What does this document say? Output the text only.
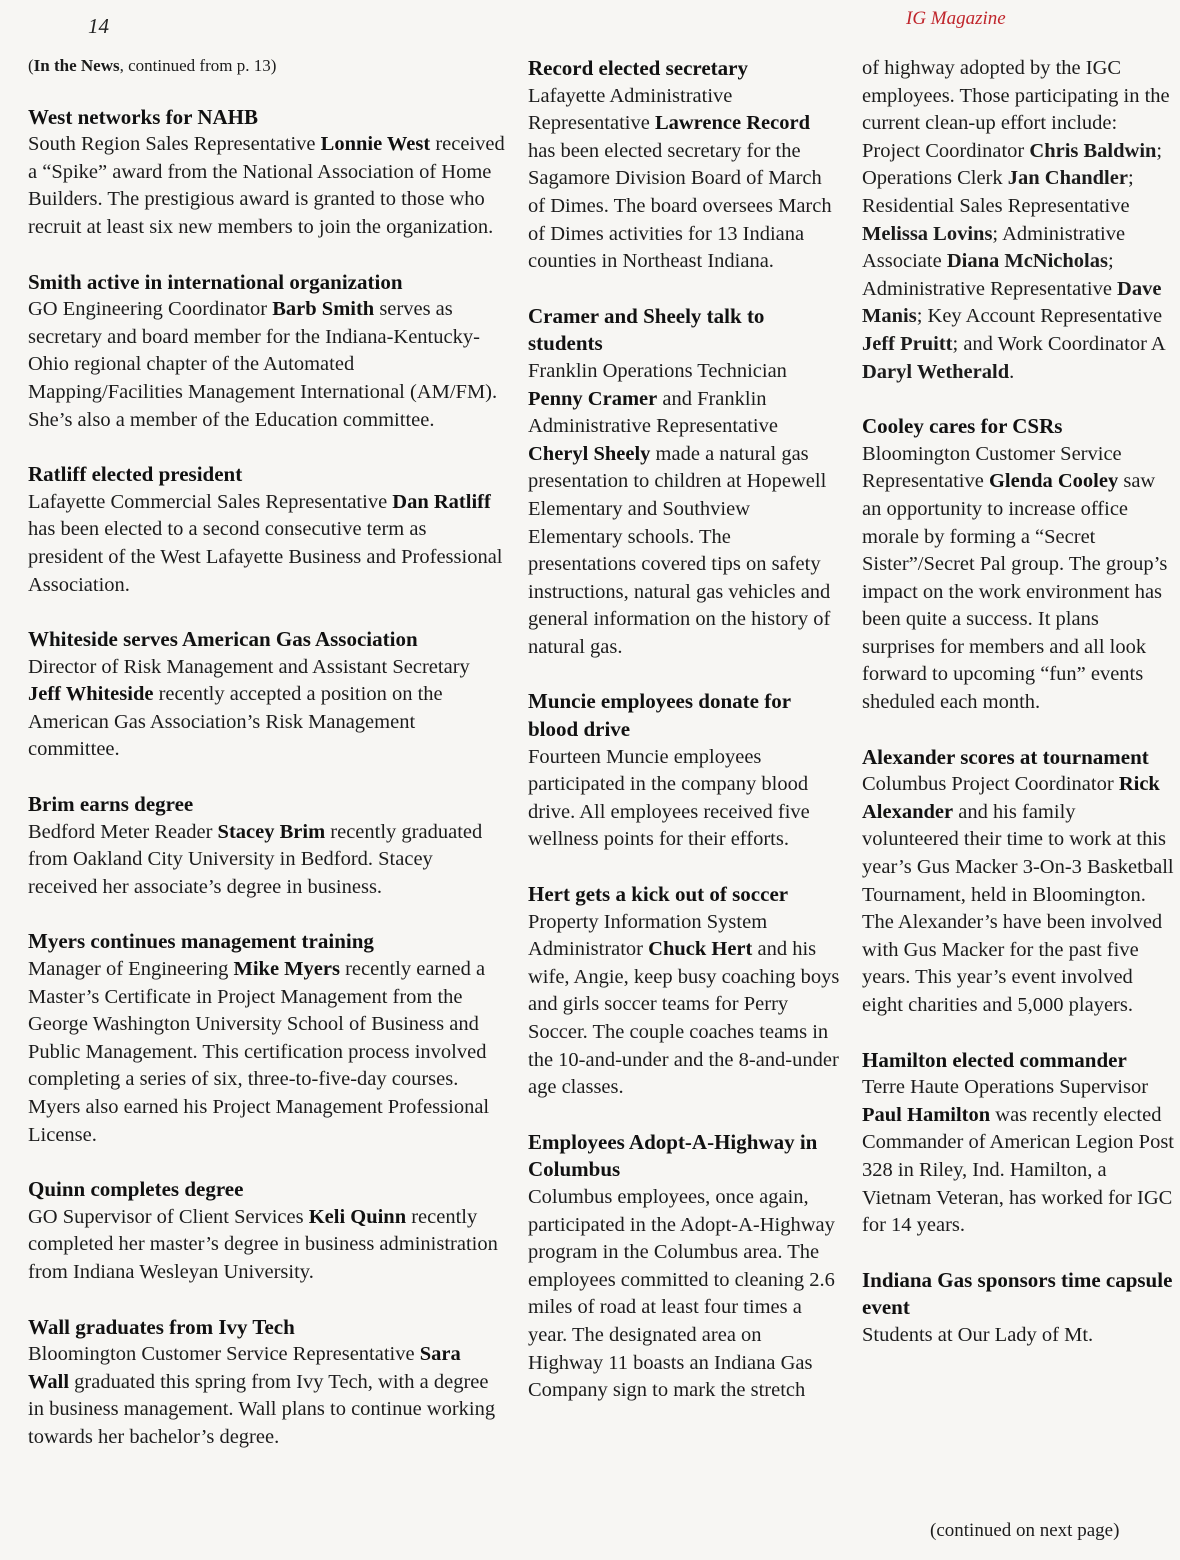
14	IG Magazine

(In the News, continued from p. 13)

West networks for NAHB

South Region Sales Representative Lonnie West received a “Spike” award from the National Association of Home Builders. The prestigious award is granted to those who recruit at least six new members to join the organization.

Smith active in international organization

GO Engineering Coordinator Barb Smith serves as secretary and board member for the Indiana-Kentucky-Ohio regional chapter of the Automated Mapping/Facilities Management International (AM/FM). She’s also a member of the Education committee.

Ratliff elected president

Lafayette Commercial Sales Representative Dan Ratliff has been elected to a second consecutive term as president of the West Lafayette Business and Professional Association.

Whiteside serves American Gas Association

Director of Risk Management and Assistant Secretary Jeff Whiteside recently accepted a position on the American Gas Association’s Risk Management committee.

Brim earns degree

Bedford Meter Reader Stacey Brim recently graduated from Oakland City University in Bedford. Stacey received her associate’s degree in business.

Myers continues management training

Manager of Engineering Mike Myers recently earned a Master’s Certificate in Project Management from the George Washington University School of Business and Public Management. This certification process involved completing a series of six, three-to-five-day courses. Myers also earned his Project Management Professional License.

Quinn completes degree

GO Supervisor of Client Services Keli Quinn recently completed her master’s degree in business administration from Indiana Wesleyan University.

Wall graduates from Ivy Tech

Bloomington Customer Service Representative Sara Wall graduated this spring from Ivy Tech, with a degree in business management. Wall plans to continue working towards her bachelor’s degree.

Record elected secretary

Lafayette Administrative Representative Lawrence Record has been elected secretary for the Sagamore Division Board of March of Dimes. The board oversees March of Dimes activities for 13 Indiana counties in Northeast Indiana.

Cramer and Sheely talk to students

Franklin Operations Technician Penny Cramer and Franklin Administrative Representative Cheryl Sheely made a natural gas presentation to children at Hopewell Elementary and Southview Elementary schools. The presentations covered tips on safety instructions, natural gas vehicles and general information on the history of natural gas.

Muncie employees donate for blood drive

Fourteen Muncie employees participated in the company blood drive. All employees received five wellness points for their efforts.

Hert gets a kick out of soccer

Property Information System Administrator Chuck Hert and his wife, Angie, keep busy coaching boys and girls soccer teams for Perry Soccer. The couple coaches teams in the 10-and-under and the 8-and-under age classes.

Employees Adopt-A-Highway in Columbus

Columbus employees, once again, participated in the Adopt-A-Highway program in the Columbus area. The employees committed to cleaning 2.6 miles of road at least four times a year. The designated area on Highway 11 boasts an Indiana Gas Company sign to mark the stretch

of highway adopted by the IGC employees. Those participating in the current clean-up effort include: Project Coordinator Chris Baldwin; Operations Clerk Jan Chandler; Residential Sales Representative Melissa Lovins; Administrative Associate Diana McNicholas; Administrative Representative Dave Manis; Key Account Representative Jeff Pruitt; and Work Coordinator A Daryl Wetherald.

Cooley cares for CSRs

Bloomington Customer Service Representative Glenda Cooley saw an opportunity to increase office morale by forming a “Secret Sister”/Secret Pal group. The group’s impact on the work environment has been quite a success. It plans surprises for members and all look forward to upcoming “fun” events sheduled each month.

Alexander scores at tournament

Columbus Project Coordinator Rick Alexander and his family volunteered their time to work at this year’s Gus Macker 3-On-3 Basketball Tournament, held in Bloomington. The Alexander’s have been involved with Gus Macker for the past five years. This year’s event involved eight charities and 5,000 players.

Hamilton elected commander

Terre Haute Operations Supervisor Paul Hamilton was recently elected Commander of American Legion Post 328 in Riley, Ind. Hamilton, a Vietnam Veteran, has worked for IGC for 14 years.

Indiana Gas sponsors time capsule event

Students at Our Lady of Mt.

(continued on next page)
